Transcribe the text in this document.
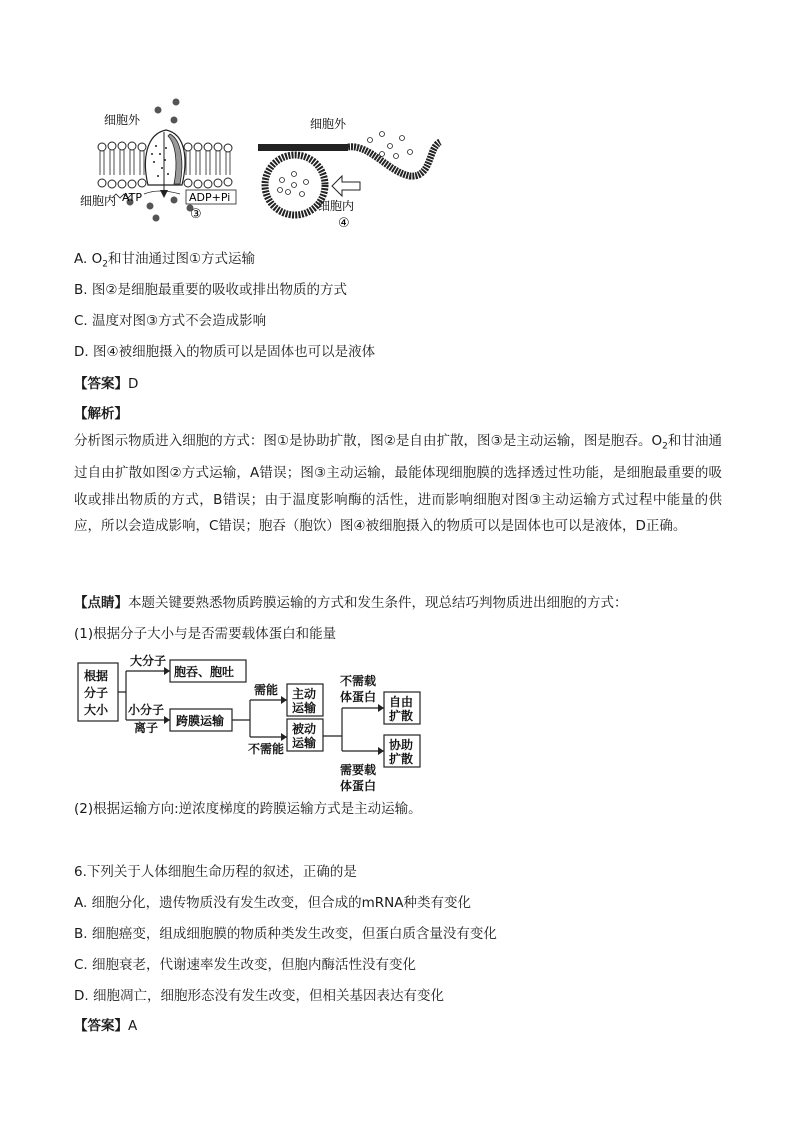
细胞外
细胞内 ATP	ADP+Pi
③
细胞外
细胞内
④
A. $O_2$和甘油通过图①方式运输
B. 图②是细胞最重要的吸收或排出物质的方式
C. 温度对图③方式不会造成影响
D. 图④被细胞摄入的物质可以是固体也可以是液体
【答案】D
【解析】
分析图示物质进入细胞的方式：图①是协助扩散，图②是自由扩散，图③是主动运输，图是胞吞。$O_2$和甘油通过自由扩散如图②方式运输，A错误；图③主动运输，最能体现细胞膜的选择透过性功能，是细胞最重要的吸收或排出物质的方式，B错误；由于温度影响酶的活性，进而影响细胞对图③主动运输方式过程中能量的供应，所以会造成影响，C错误；胞吞（胞饮）图④被细胞摄入的物质可以是固体也可以是液体，D正确。
【点睛】本题关键要熟悉物质跨膜运输的方式和发生条件，现总结巧判物质进出细胞的方式：
(1)根据分子大小与是否需要载体蛋白和能量
根据
分子
大小
大分子
胞吞、胞吐
小分子
离子 跨膜运输
需能
不需能
主动
运输
被动
运输
不需载
体蛋白
需要载
体蛋白
自由
扩散
协助
扩散
(2)根据运输方向:逆浓度梯度的跨膜运输方式是主动运输。
6.下列关于人体细胞生命历程的叙述，正确的是
A. 细胞分化，遗传物质没有发生改变，但合成的mRNA种类有变化
B. 细胞癌变，组成细胞膜的物质种类发生改变，但蛋白质含量没有变化
C. 细胞衰老，代谢速率发生改变，但胞内酶活性没有变化
D. 细胞凋亡，细胞形态没有发生改变，但相关基因表达有变化
【答案】A
